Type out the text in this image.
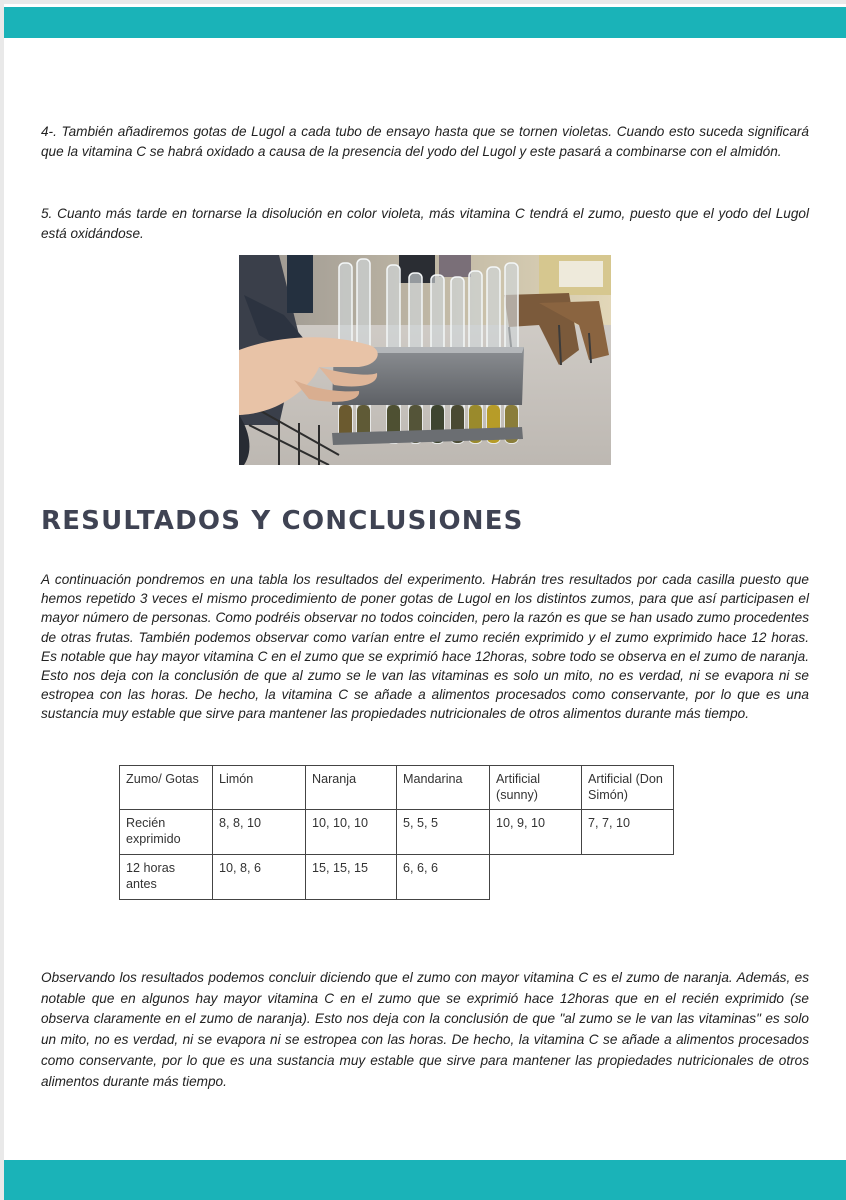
4-. También añadiremos gotas de Lugol a cada tubo de ensayo hasta que se tornen violetas. Cuando esto suceda significará que la vitamina C se habrá oxidado a causa de la presencia del yodo del Lugol y este pasará a combinarse con el almidón.

5. Cuanto más tarde en tornarse la disolución en color violeta, más vitamina C tendrá el zumo, puesto que el yodo del Lugol está oxidándose.

RESULTADOS Y CONCLUSIONES

A continuación pondremos en una tabla los resultados del experimento. Habrán tres resultados por cada casilla puesto que hemos repetido 3 veces el mismo procedimiento de poner gotas de Lugol en los distintos zumos, para que así participasen el mayor número de personas. Como podréis observar no todos coinciden, pero la razón es que se han usado zumo procedentes de otras frutas. También podemos observar como varían entre el zumo recién exprimido y el zumo exprimido hace 12 horas. Es notable que hay mayor vitamina C en el zumo que se exprimió hace 12horas, sobre todo se observa en el zumo de naranja. Esto nos deja con la conclusión de que al zumo se le van las vitaminas es solo un mito, no es verdad, ni se evapora ni se estropea con las horas. De hecho, la vitamina C se añade a alimentos procesados como conservante, por lo que es una sustancia muy estable que sirve para mantener las propiedades nutricionales de otros alimentos durante más tiempo.

Zumo/ Gotas	Limón	Naranja	Mandarina	Artificial (sunny)	Artificial (Don Simón)
Recién exprimido	8, 8, 10	10, 10, 10	5, 5, 5	10, 9, 10	7, 7, 10
12 horas antes	10, 8, 6	15, 15, 15	6, 6, 6		

Observando los resultados podemos concluir diciendo que el zumo con mayor vitamina C es el zumo de naranja. Además, es notable que en algunos hay mayor vitamina C en el zumo que se exprimió hace 12horas que en el recién exprimido (se observa claramente en el zumo de naranja). Esto nos deja con la conclusión de que "al zumo se le van las vitaminas" es solo un mito, no es verdad, ni se evapora ni se estropea con las horas. De hecho, la vitamina C se añade a alimentos procesados como conservante, por lo que es una sustancia muy estable que sirve para mantener las propiedades nutricionales de otros alimentos durante más tiempo.
